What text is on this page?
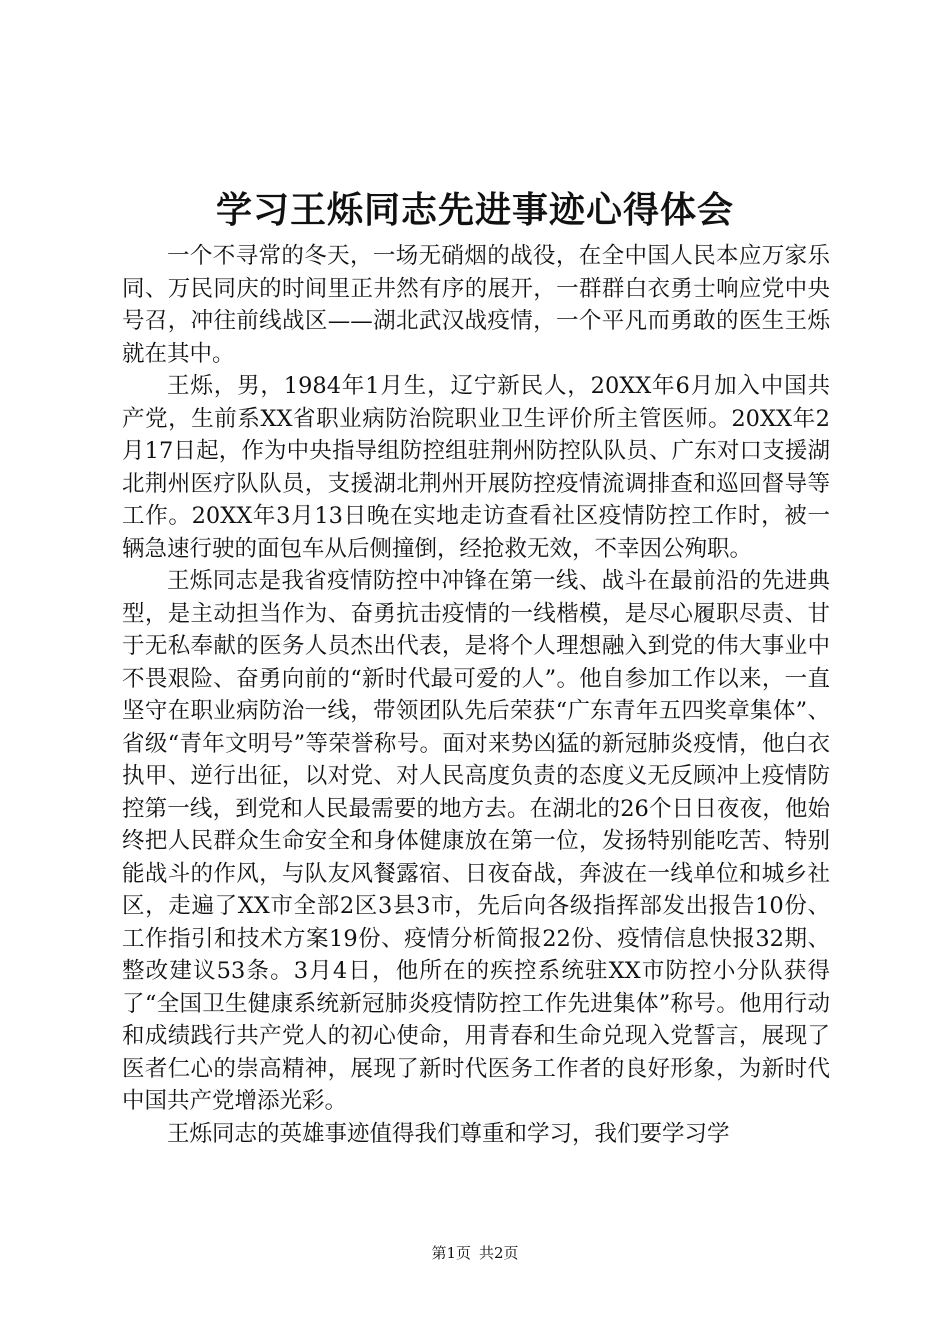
学习王烁同志先进事迹心得体会

一个不寻常的冬天，一场无硝烟的战役，在全中国人民本应万家乐同、万民同庆的时间里正井然有序的展开，一群群白衣勇士响应党中央号召，冲往前线战区——湖北武汉战疫情，一个平凡而勇敢的医生王烁就在其中。

王烁，男，1984年1月生，辽宁新民人，20XX年6月加入中国共产党，生前系XX省职业病防治院职业卫生评价所主管医师。20XX年2月17日起，作为中央指导组防控组驻荆州防控队队员、广东对口支援湖北荆州医疗队队员，支援湖北荆州开展防控疫情流调排查和巡回督导等工作。20XX年3月13日晚在实地走访查看社区疫情防控工作时，被一辆急速行驶的面包车从后侧撞倒，经抢救无效，不幸因公殉职。

王烁同志是我省疫情防控中冲锋在第一线、战斗在最前沿的先进典型，是主动担当作为、奋勇抗击疫情的一线楷模，是尽心履职尽责、甘于无私奉献的医务人员杰出代表，是将个人理想融入到党的伟大事业中不畏艰险、奋勇向前的“新时代最可爱的人”。他自参加工作以来，一直坚守在职业病防治一线，带领团队先后荣获“广东青年五四奖章集体”、省级“青年文明号”等荣誉称号。面对来势凶猛的新冠肺炎疫情，他白衣执甲、逆行出征，以对党、对人民高度负责的态度义无反顾冲上疫情防控第一线，到党和人民最需要的地方去。在湖北的26个日日夜夜，他始终把人民群众生命安全和身体健康放在第一位，发扬特别能吃苦、特别能战斗的作风，与队友风餐露宿、日夜奋战，奔波在一线单位和城乡社区，走遍了XX市全部2区3县3市，先后向各级指挥部发出报告10份、工作指引和技术方案19份、疫情分析简报22份、疫情信息快报32期、整改建议53条。3月4日，他所在的疾控系统驻XX市防控小分队获得了“全国卫生健康系统新冠肺炎疫情防控工作先进集体”称号。他用行动和成绩践行共产党人的初心使命，用青春和生命兑现入党誓言，展现了医者仁心的崇高精神，展现了新时代医务工作者的良好形象，为新时代中国共产党增添光彩。

王烁同志的英雄事迹值得我们尊重和学习，我们要学习学

第1页 共2页
